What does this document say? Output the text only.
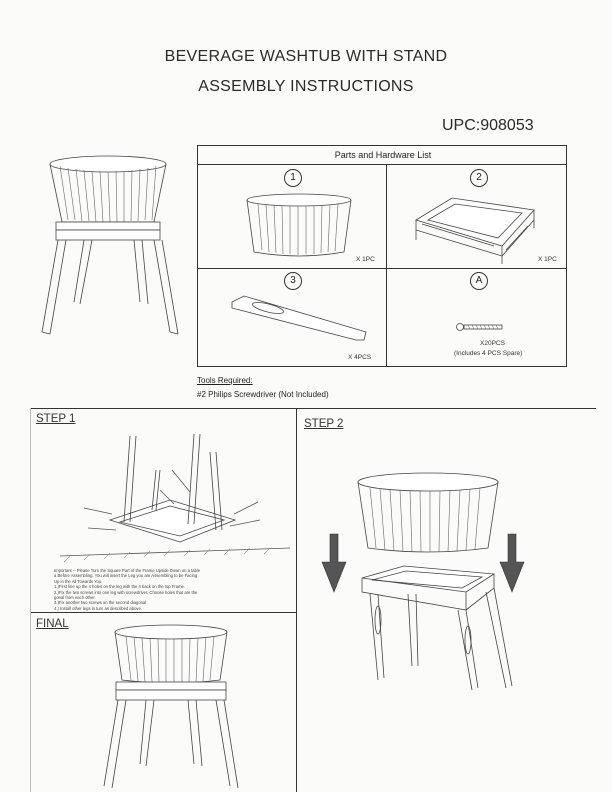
BEVERAGE WASHTUB WITH STAND
ASSEMBLY INSTRUCTIONS
UPC:908053
Parts and Hardware List
1
X 1PC
2
X 1PC
3
X 4PCS
A
X20PCS
(Includes 4 PCS Spare)
Tools Required:
#2 Philips Screwdriver (Not Included)
STEP 1
Important -- Please Turn the Square Part of the Frame Upside Down on a table
a Before Assembling. You will insert the Leg you are Assembling to be Facing
Up in the All Towards You.
1.)First line up the 4 holes on the leg with the 4 back on the top Frame.
2.)Fix the two screws into one leg with screwdriver. Choose holes that are the
gonal from each other.
3.)Fix another two screws on the second diagonal
4.) Install other legs in turn as described above.
STEP 2
FINAL
